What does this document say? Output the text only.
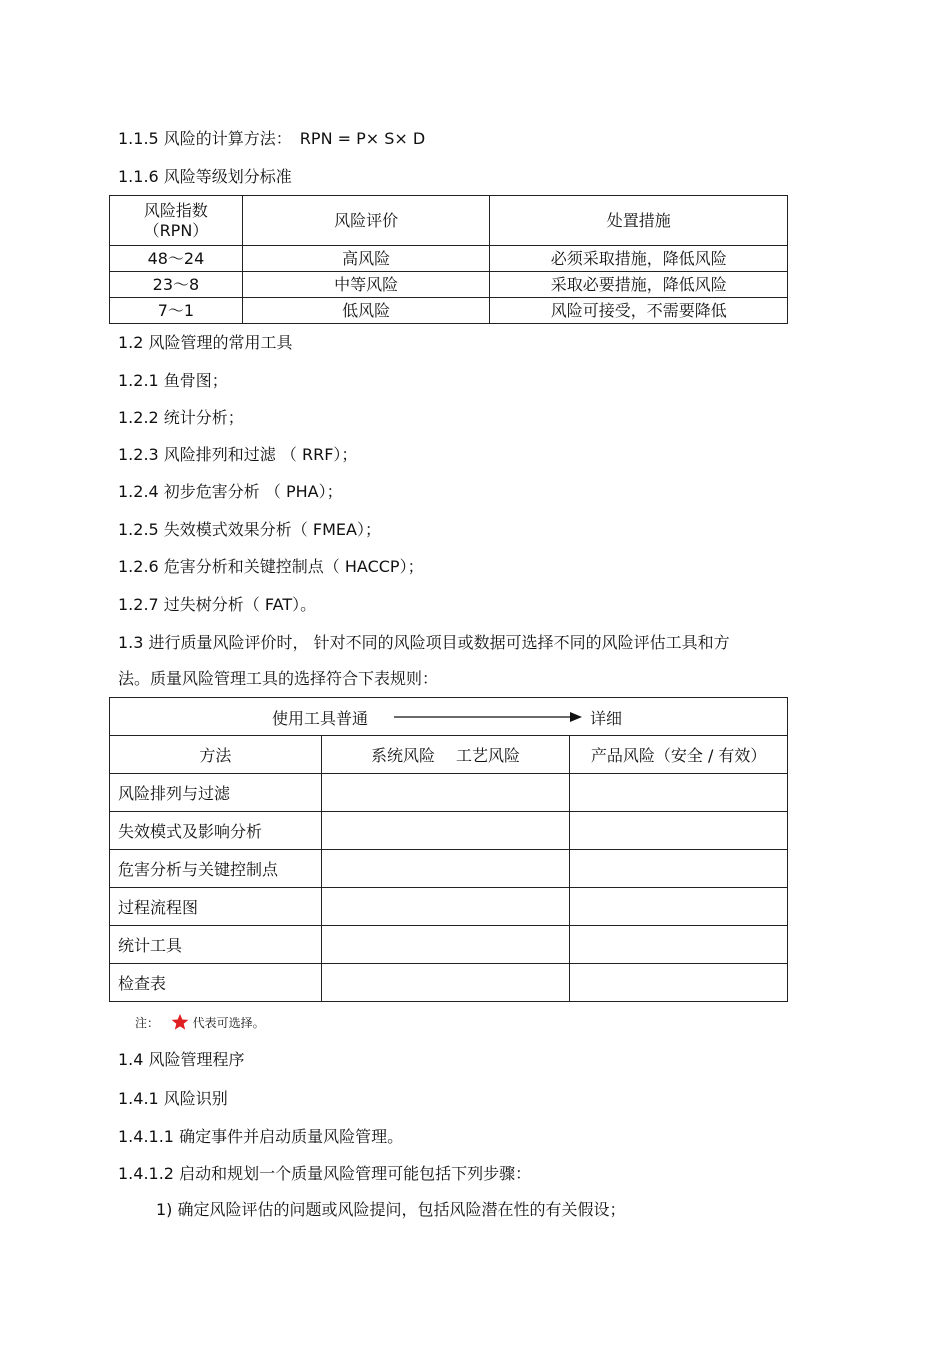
1.1.5 风险的计算方法：　RPN = P× S× D
1.1.6 风险等级划分标准
风险指数
（RPN）	风险评价	处置措施
48～24	高风险	必须采取措施，降低风险
23～8	中等风险	采取必要措施，降低风险
7～1	低风险	风险可接受，不需要降低
1.2 风险管理的常用工具
1.2.1 鱼骨图；
1.2.2 统计分析；
1.2.3 风险排列和过滤 （ RRF）；
1.2.4 初步危害分析 （ PHA）；
1.2.5 失效模式效果分析（ FMEA）；
1.2.6 危害分析和关键控制点（ HACCP）；
1.2.7 过失树分析（ FAT）。
1.3 进行质量风险评价时， 针对不同的风险项目或数据可选择不同的风险评估工具和方
法。质量风险管理工具的选择符合下表规则：
使用工具普通 详细		

方法	系统风险　 工艺风险	产品风险（安全 / 有效）
风险排列与过滤		
失效模式及影响分析		
危害分析与关键控制点		
过程流程图		
统计工具		
检查表		
注：	代表可选择。
1.4 风险管理程序
1.4.1 风险识别
1.4.1.1 确定事件并启动质量风险管理。
1.4.1.2 启动和规划一个质量风险管理可能包括下列步骤：
1) 确定风险评估的问题或风险提问，包括风险潜在性的有关假设；
